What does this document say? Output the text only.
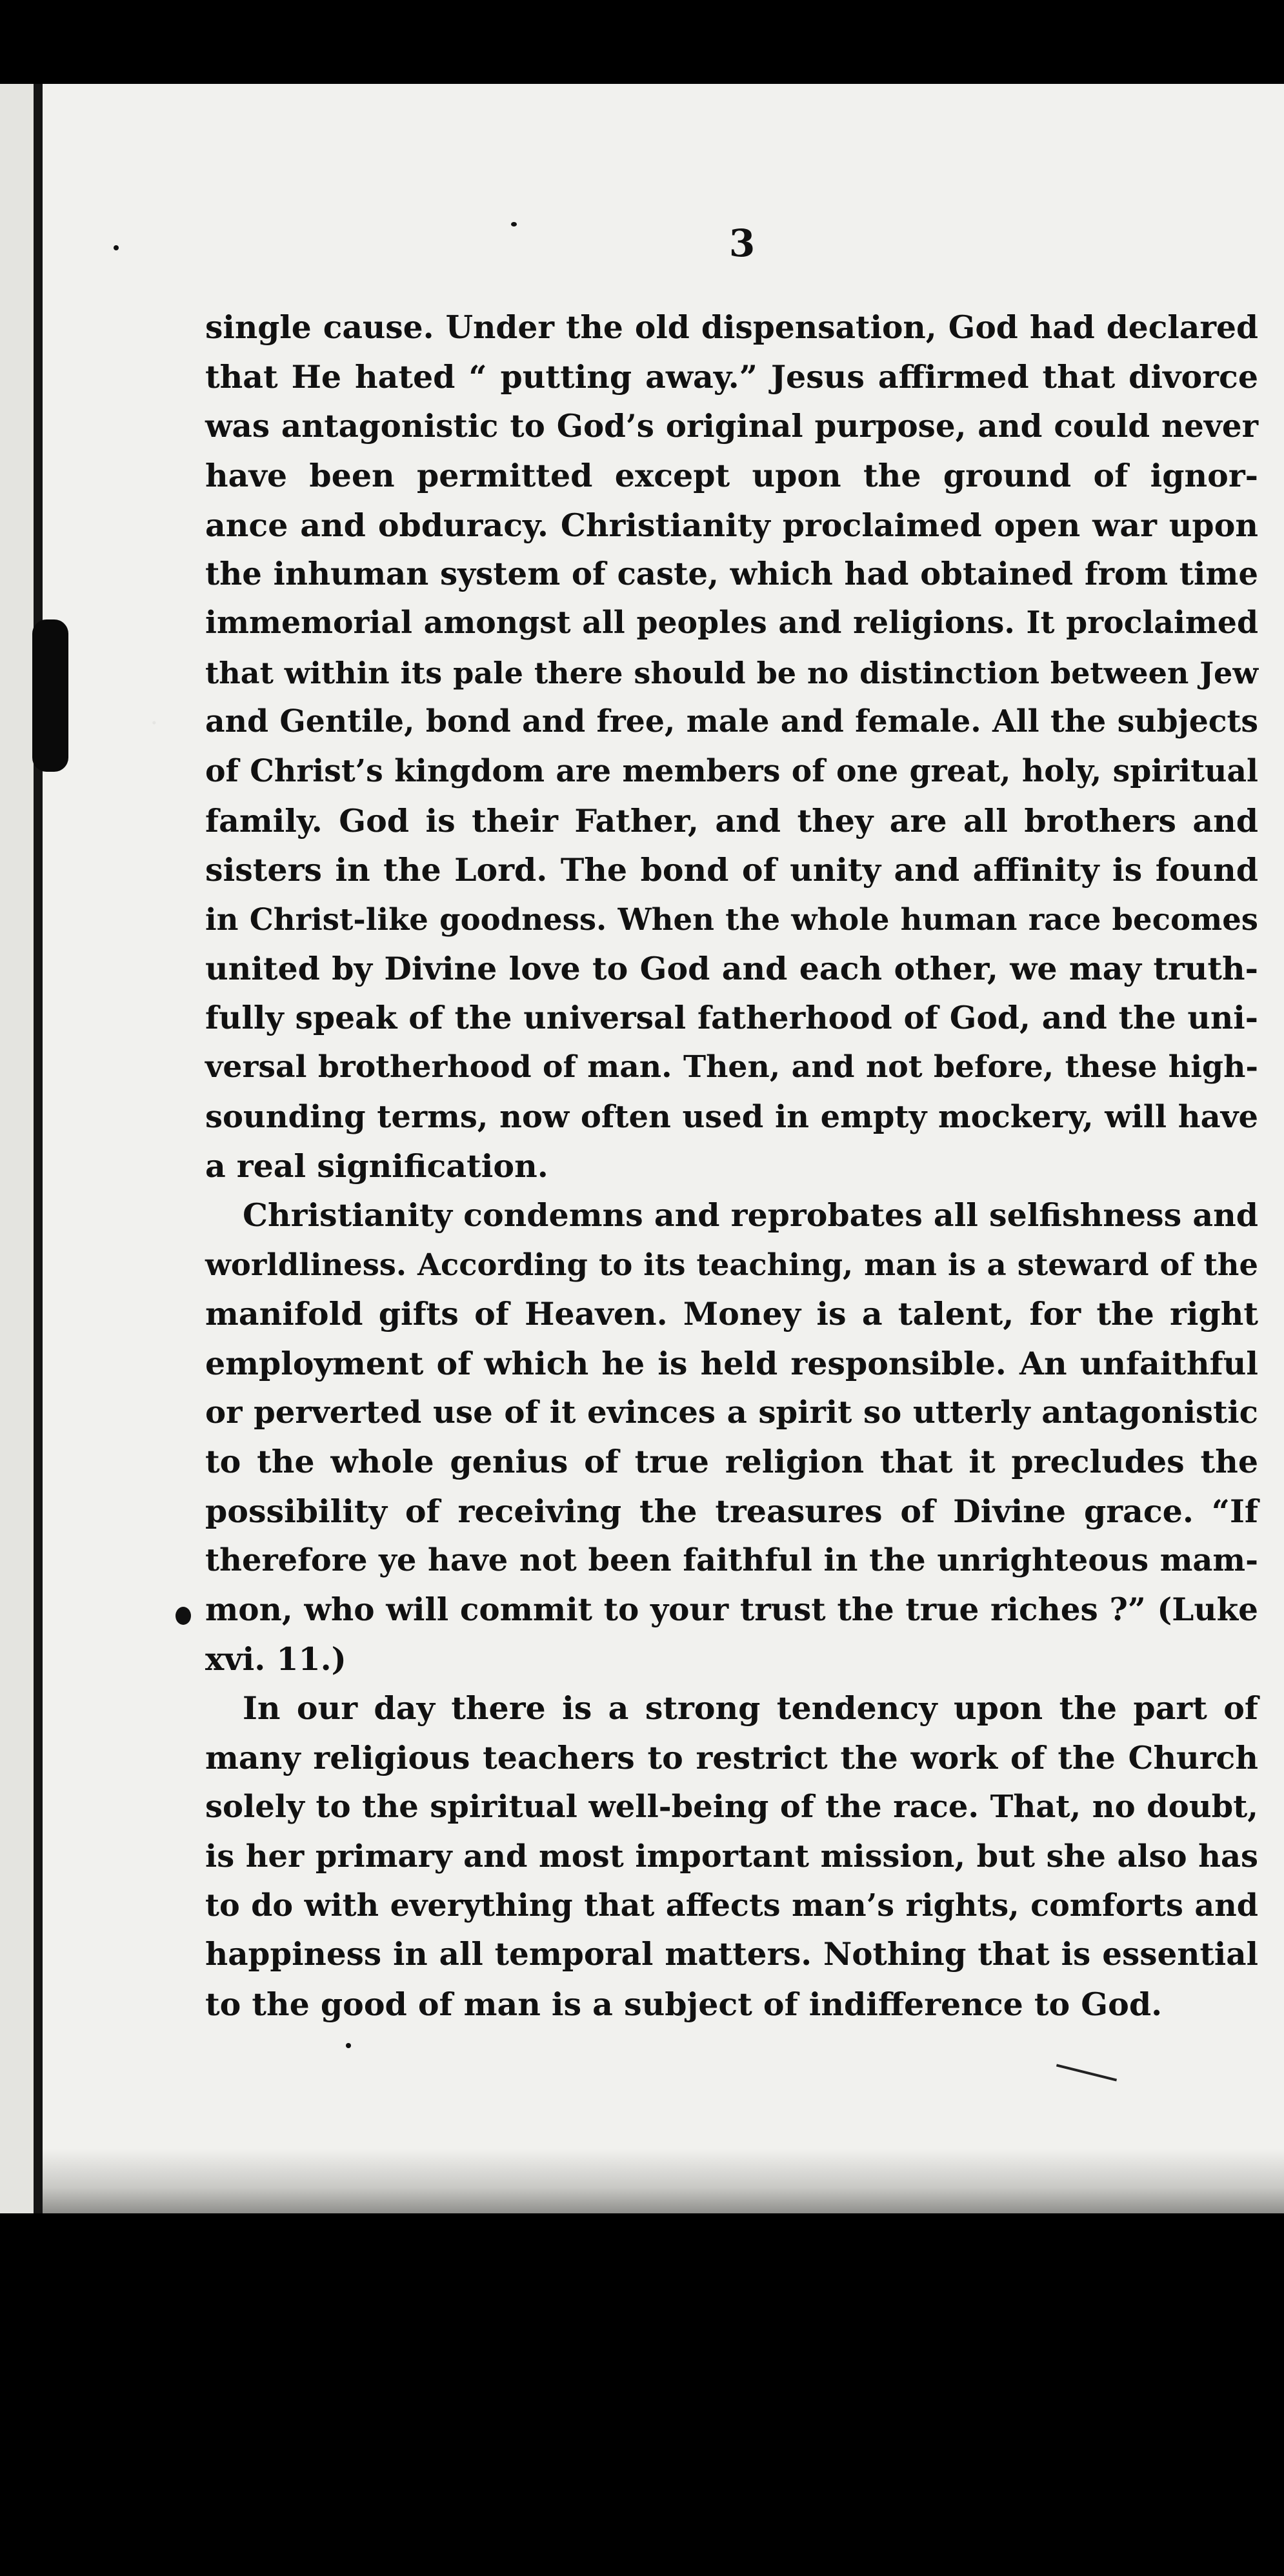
3

single cause. Under the old dispensation, God had declared
that He hated “ putting away.” Jesus affirmed that divorce
was antagonistic to God’s original purpose, and could never
have been permitted except upon the ground of ignor-
ance and obduracy. Christianity proclaimed open war upon
the inhuman system of caste, which had obtained from time
immemorial amongst all peoples and religions. It proclaimed
that within its pale there should be no distinction between Jew
and Gentile, bond and free, male and female. All the subjects
of Christ’s kingdom are members of one great, holy, spiritual
family. God is their Father, and they are all brothers and
sisters in the Lord. The bond of unity and affinity is found
in Christ-like goodness. When the whole human race becomes
united by Divine love to God and each other, we may truth-
fully speak of the universal fatherhood of God, and the uni-
versal brotherhood of man. Then, and not before, these high-
sounding terms, now often used in empty mockery, will have
a real signification.

Christianity condemns and reprobates all selfishness and
worldliness. According to its teaching, man is a steward of the
manifold gifts of Heaven. Money is a talent, for the right
employment of which he is held responsible. An unfaithful
or perverted use of it evinces a spirit so utterly antagonistic
to the whole genius of true religion that it precludes the
possibility of receiving the treasures of Divine grace. “If
therefore ye have not been faithful in the unrighteous mam-
mon, who will commit to your trust the true riches ?” (Luke
xvi. 11.)

In our day there is a strong tendency upon the part of
many religious teachers to restrict the work of the Church
solely to the spiritual well-being of the race. That, no doubt,
is her primary and most important mission, but she also has
to do with everything that affects man’s rights, comforts and
happiness in all temporal matters. Nothing that is essential
to the good of man is a subject of indifference to God.
